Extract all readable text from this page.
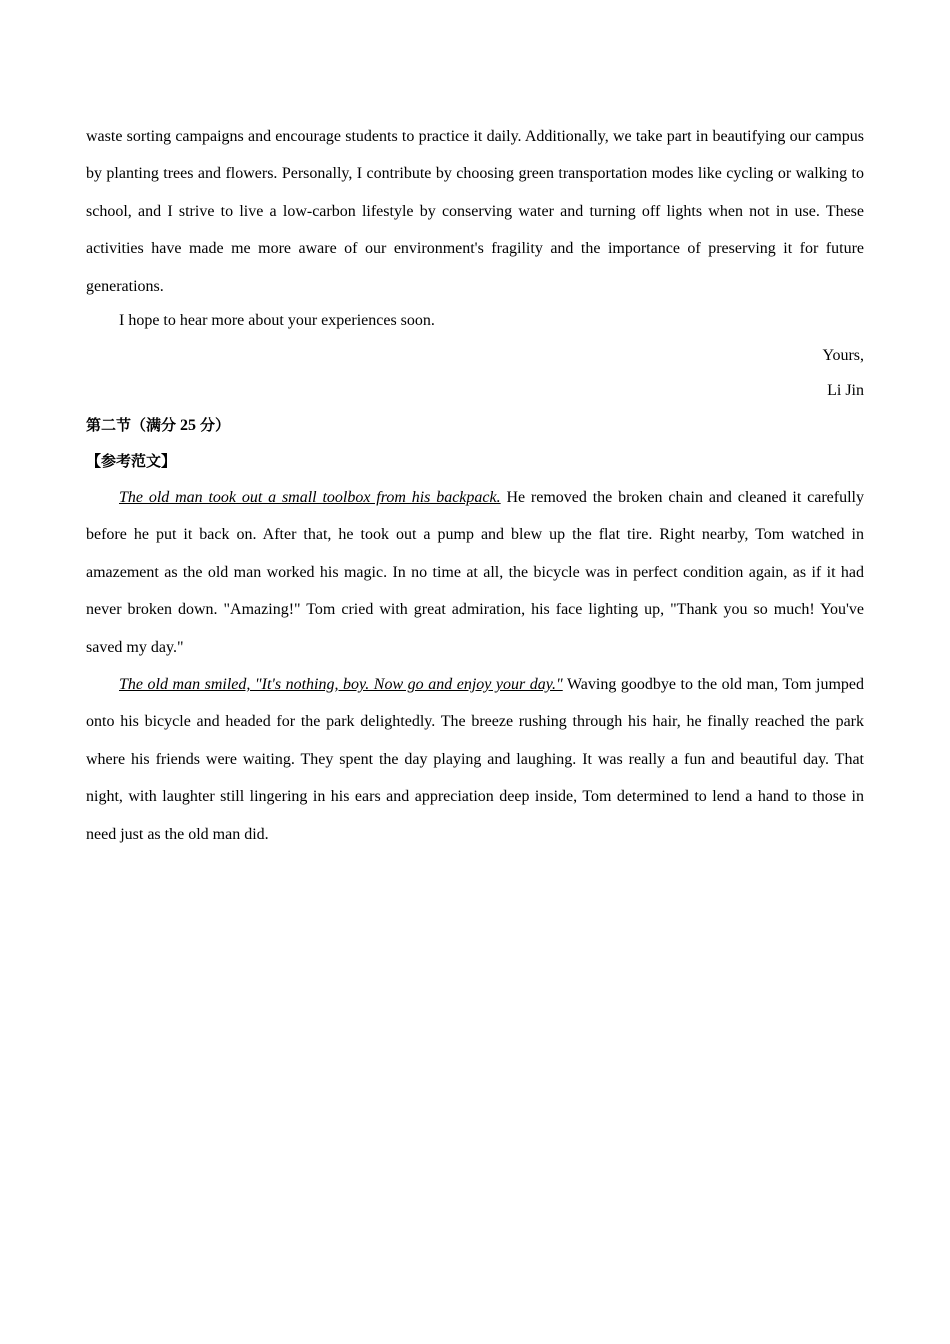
waste sorting campaigns and encourage students to practice it daily. Additionally, we take part in beautifying our campus by planting trees and flowers. Personally, I contribute by choosing green transportation modes like cycling or walking to school, and I strive to live a low-carbon lifestyle by conserving water and turning off lights when not in use. These activities have made me more aware of our environment's fragility and the importance of preserving it for future generations.

I hope to hear more about your experiences soon.

Yours,

Li Jin

第二节（满分 25 分）

【参考范文】

The old man took out a small toolbox from his backpack. He removed the broken chain and cleaned it carefully before he put it back on. After that, he took out a pump and blew up the flat tire. Right nearby, Tom watched in amazement as the old man worked his magic. In no time at all, the bicycle was in perfect condition again, as if it had never broken down. "Amazing!" Tom cried with great admiration, his face lighting up, "Thank you so much! You've saved my day."

The old man smiled, "It's nothing, boy. Now go and enjoy your day." Waving goodbye to the old man, Tom jumped onto his bicycle and headed for the park delightedly. The breeze rushing through his hair, he finally reached the park where his friends were waiting. They spent the day playing and laughing. It was really a fun and beautiful day. That night, with laughter still lingering in his ears and appreciation deep inside, Tom determined to lend a hand to those in need just as the old man did.
